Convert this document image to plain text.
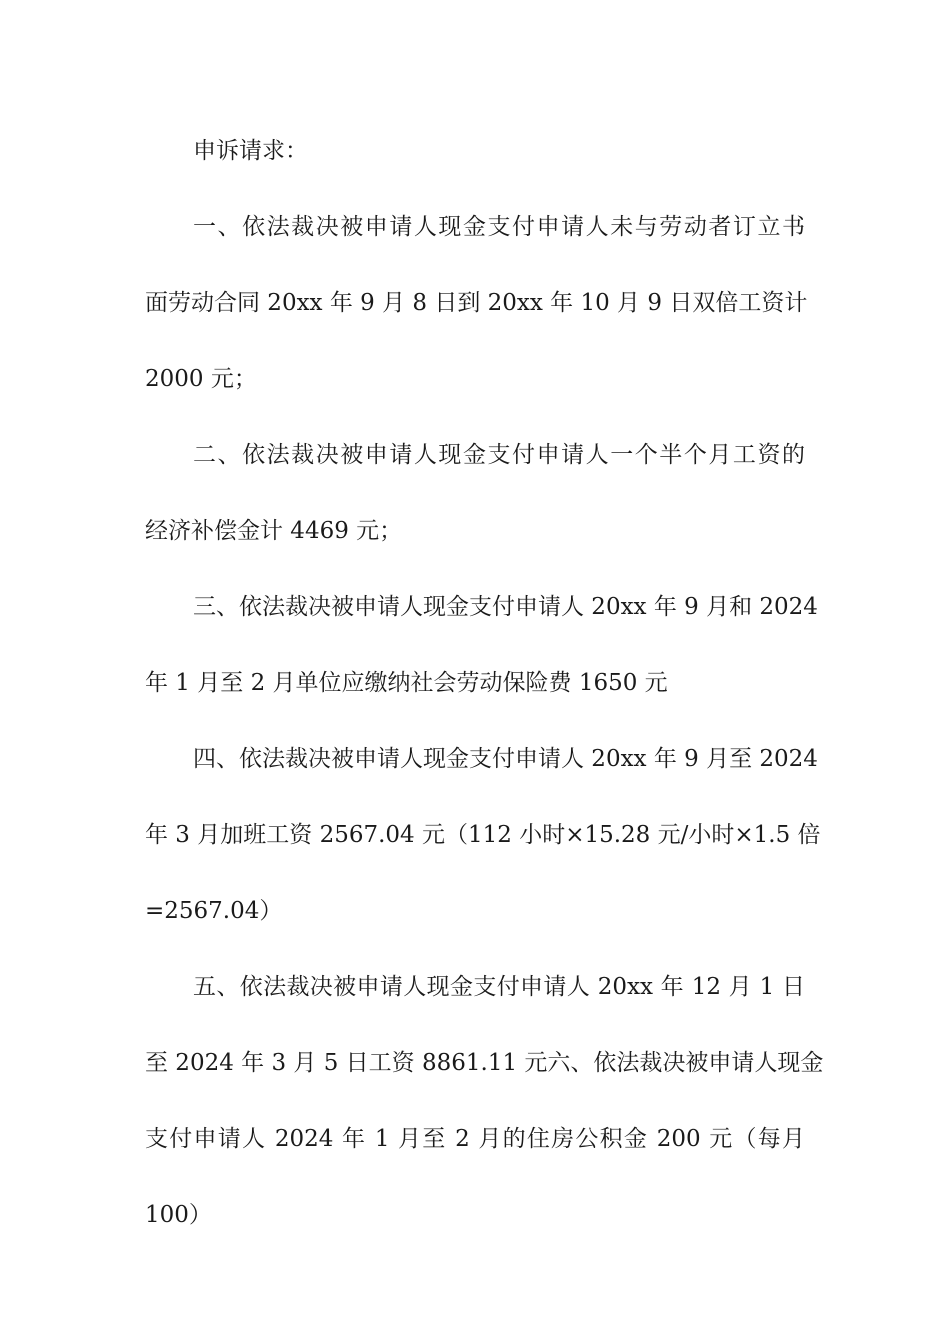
申诉请求：
一、依法裁决被申请人现金支付申请人未与劳动者订立书
面劳动合同 20xx 年 9 月 8 日到 20xx 年 10 月 9 日双倍工资计
2000 元；
二、依法裁决被申请人现金支付申请人一个半个月工资的
经济补偿金计 4469 元；
三、依法裁决被申请人现金支付申请人 20xx 年 9 月和 2024
年 1 月至 2 月单位应缴纳社会劳动保险费 1650 元
四、依法裁决被申请人现金支付申请人 20xx 年 9 月至 2024
年 3 月加班工资 2567.04 元（112 小时×15.28 元/小时×1.5 倍
=2567.04）
五、依法裁决被申请人现金支付申请人 20xx 年 12 月 1 日
至 2024 年 3 月 5 日工资 8861.11 元六、依法裁决被申请人现金
支付申请人 2024 年 1 月至 2 月的住房公积金 200 元（每月
100）
